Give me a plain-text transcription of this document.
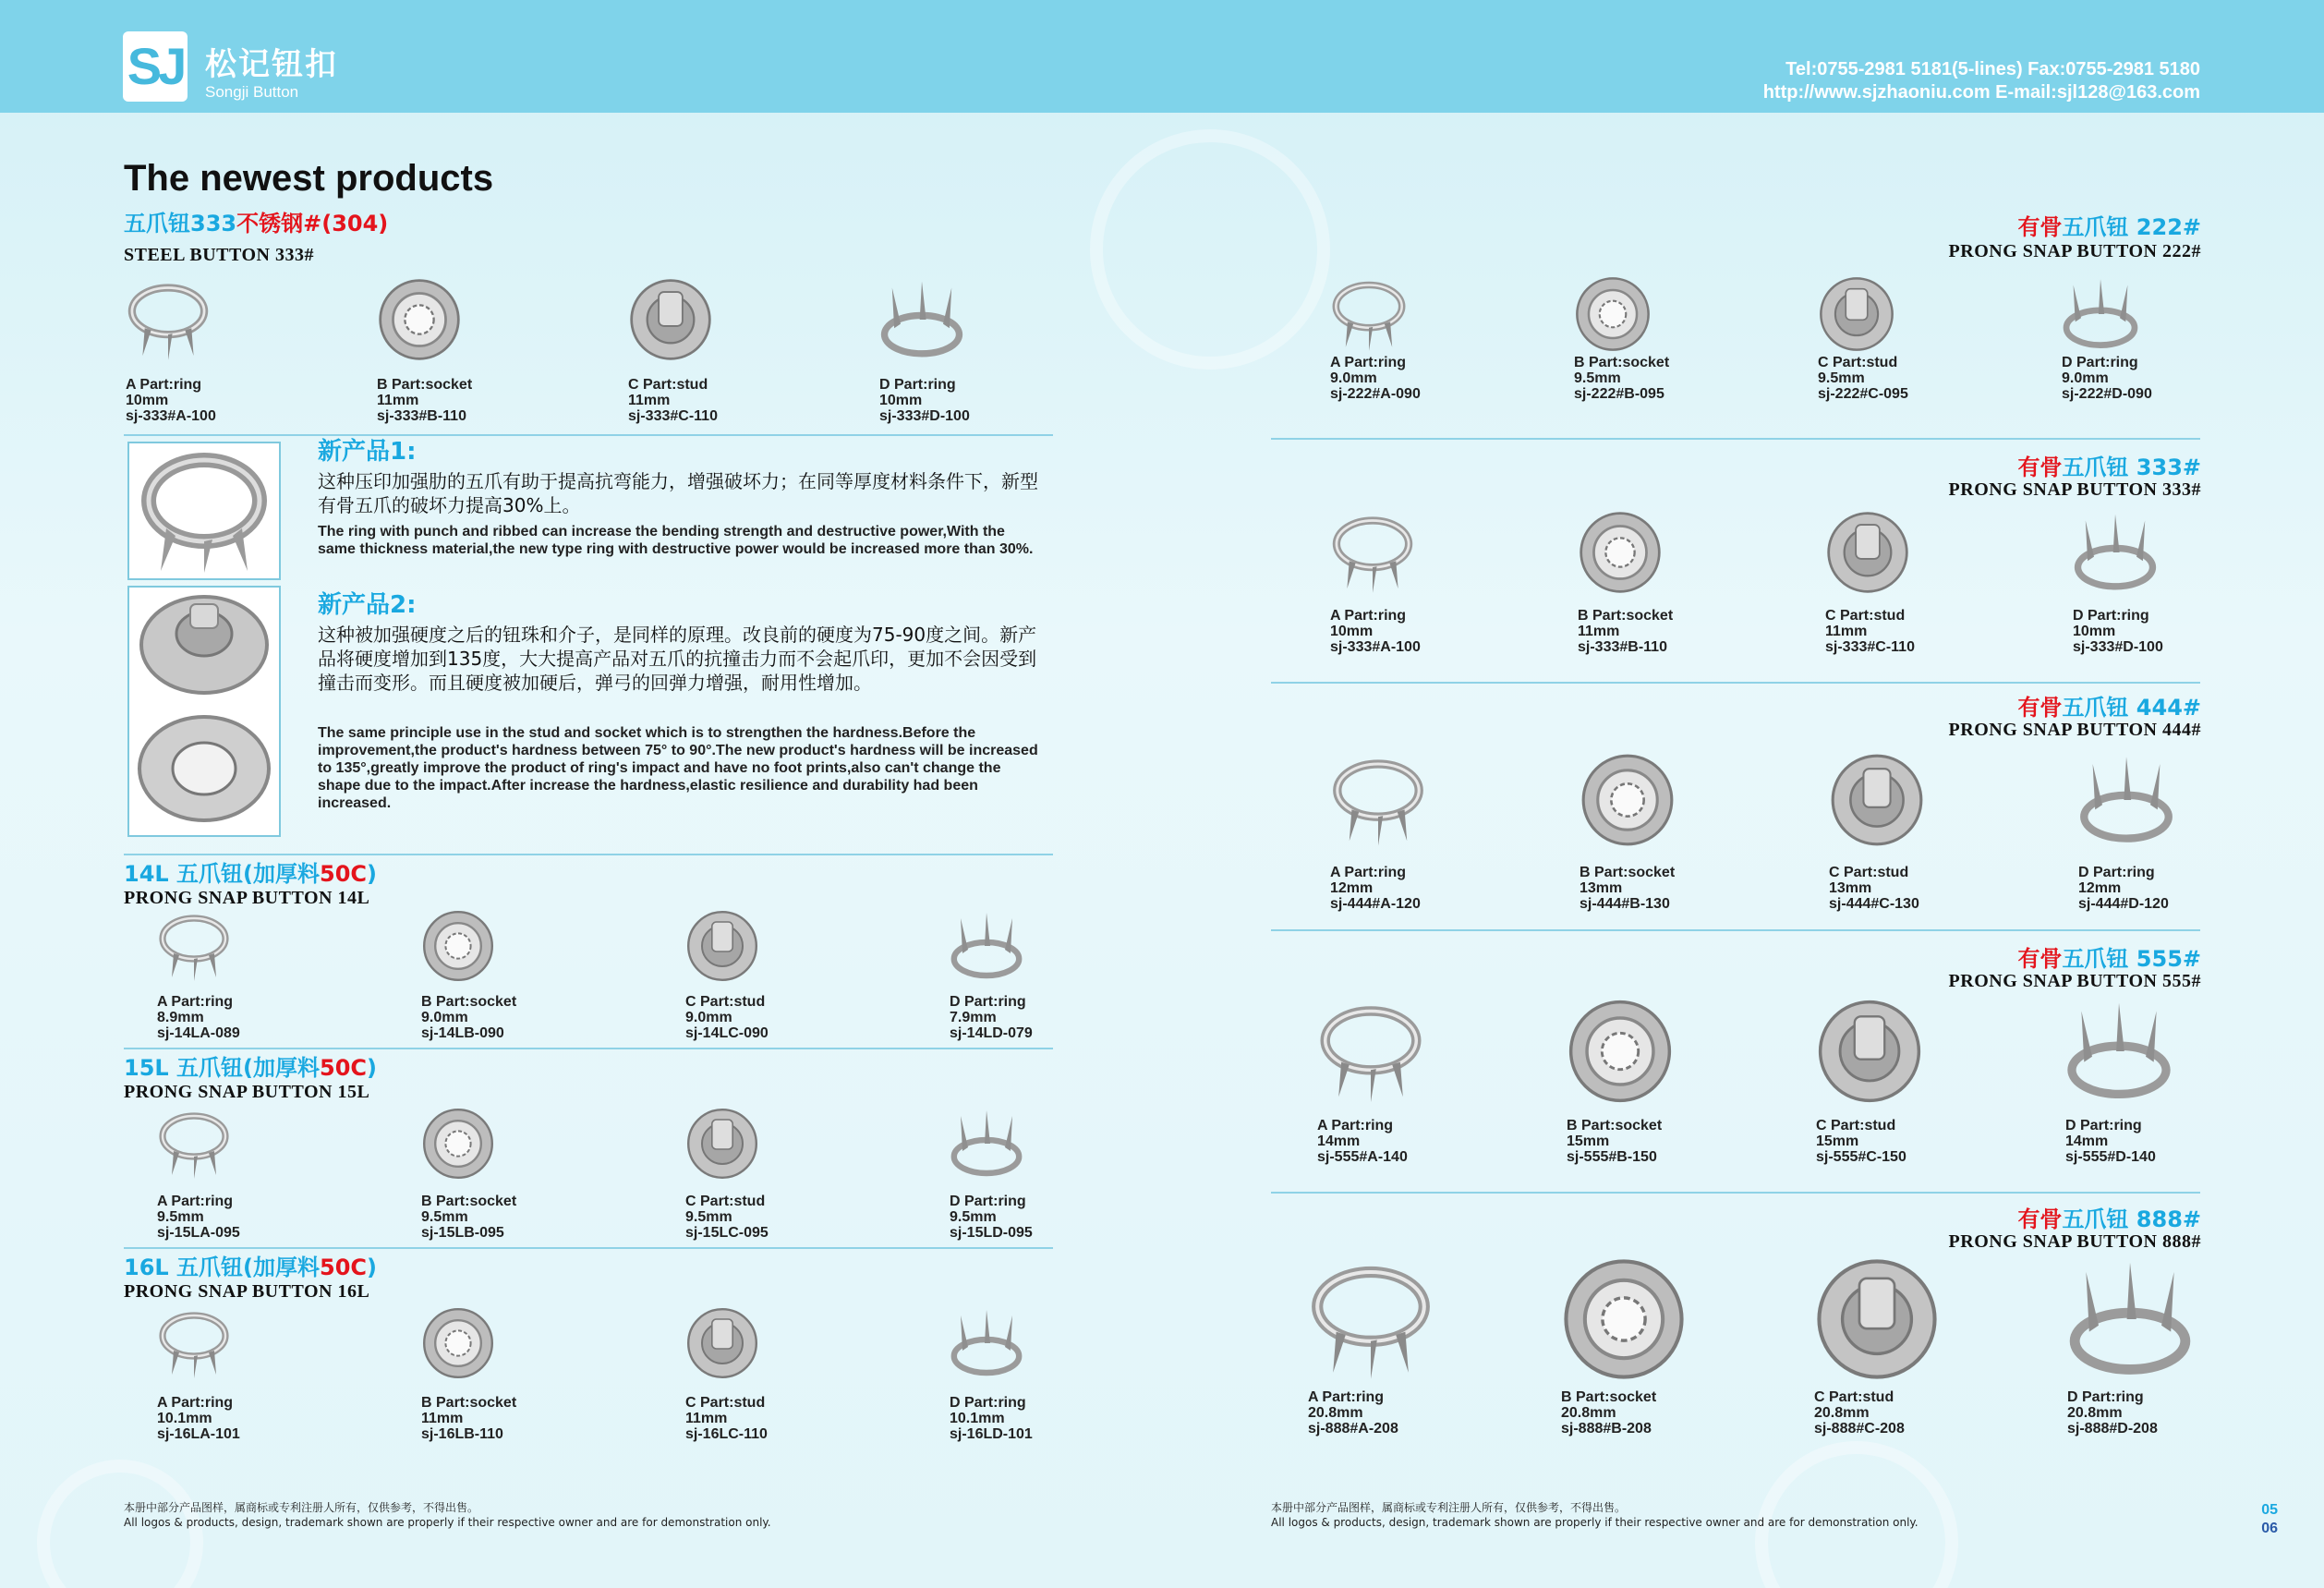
SJ 松记钮扣
Songji Button
Tel:0755-2981 5181(5-lines) Fax:0755-2981 5180
http://www.sjzhaoniu.com E-mail:sjl128@163.com
The newest products
五爪钮333不锈钢#(304)
STEEL BUTTON 333#
新产品1:
这种压印加强肋的五爪有助于提高抗弯能力，增强破坏力；在同等厚度材料条件下，新型有骨五爪的破坏力提高30%上。
The ring with punch and ribbed can increase the bending strength and destructive power,With the same thickness material,the new type ring with destructive power would be increased more than 30%.
新产品2:
这种被加强硬度之后的钮珠和介子，是同样的原理。改良前的硬度为75-90度之间。新产品将硬度增加到135度，大大提高产品对五爪的抗撞击力而不会起爪印，更加不会因受到撞击而变形。而且硬度被加硬后，弹弓的回弹力增强，耐用性增加。
The same principle use in the stud and socket which is to strengthen the hardness.Before the improvement,the product's hardness between 75° to 90°.The new product's hardness will be increased to 135°,greatly improve the product of ring's impact and have no foot prints,also can't change the shape due to the impact.After increase the hardness,elastic resilience and durability had been increased.
14L 五爪钮(加厚料50C)
PRONG SNAP BUTTON 14L
15L 五爪钮(加厚料50C)
PRONG SNAP BUTTON 15L
16L 五爪钮(加厚料50C)
PRONG SNAP BUTTON 16L
有骨五爪钮 222#
PRONG SNAP BUTTON 222#
有骨五爪钮 333#
PRONG SNAP BUTTON 333#
有骨五爪钮 444#
PRONG SNAP BUTTON 444#
有骨五爪钮 555#
PRONG SNAP BUTTON 555#
有骨五爪钮 888#
PRONG SNAP BUTTON 888#
本册中部分产品图样，属商标或专利注册人所有，仅供参考，不得出售。
All logos & products, design, trademark shown are properly if their respective owner and are for demonstration only.
本册中部分产品图样，属商标或专利注册人所有，仅供参考，不得出售。
All logos & products, design, trademark shown are properly if their respective owner and are for demonstration only.
05
06
A Part:ring
10mm
sj-333#A-100
B Part:socket
11mm
sj-333#B-110
C Part:stud
11mm
sj-333#C-110
D Part:ring
10mm
sj-333#D-100
A Part:ring
8.9mm
sj-14LA-089
B Part:socket
9.0mm
sj-14LB-090
C Part:stud
9.0mm
sj-14LC-090
D Part:ring
7.9mm
sj-14LD-079
A Part:ring
9.5mm
sj-15LA-095
B Part:socket
9.5mm
sj-15LB-095
C Part:stud
9.5mm
sj-15LC-095
D Part:ring
9.5mm
sj-15LD-095
A Part:ring
10.1mm
sj-16LA-101
B Part:socket
11mm
sj-16LB-110
C Part:stud
11mm
sj-16LC-110
D Part:ring
10.1mm
sj-16LD-101
A Part:ring
9.0mm
sj-222#A-090
B Part:socket
9.5mm
sj-222#B-095
C Part:stud
9.5mm
sj-222#C-095
D Part:ring
9.0mm
sj-222#D-090
A Part:ring
10mm
sj-333#A-100
B Part:socket
11mm
sj-333#B-110
C Part:stud
11mm
sj-333#C-110
D Part:ring
10mm
sj-333#D-100
A Part:ring
12mm
sj-444#A-120
B Part:socket
13mm
sj-444#B-130
C Part:stud
13mm
sj-444#C-130
D Part:ring
12mm
sj-444#D-120
A Part:ring
14mm
sj-555#A-140
B Part:socket
15mm
sj-555#B-150
C Part:stud
15mm
sj-555#C-150
D Part:ring
14mm
sj-555#D-140
A Part:ring
20.8mm
sj-888#A-208
B Part:socket
20.8mm
sj-888#B-208
C Part:stud
20.8mm
sj-888#C-208
D Part:ring
20.8mm
sj-888#D-208
